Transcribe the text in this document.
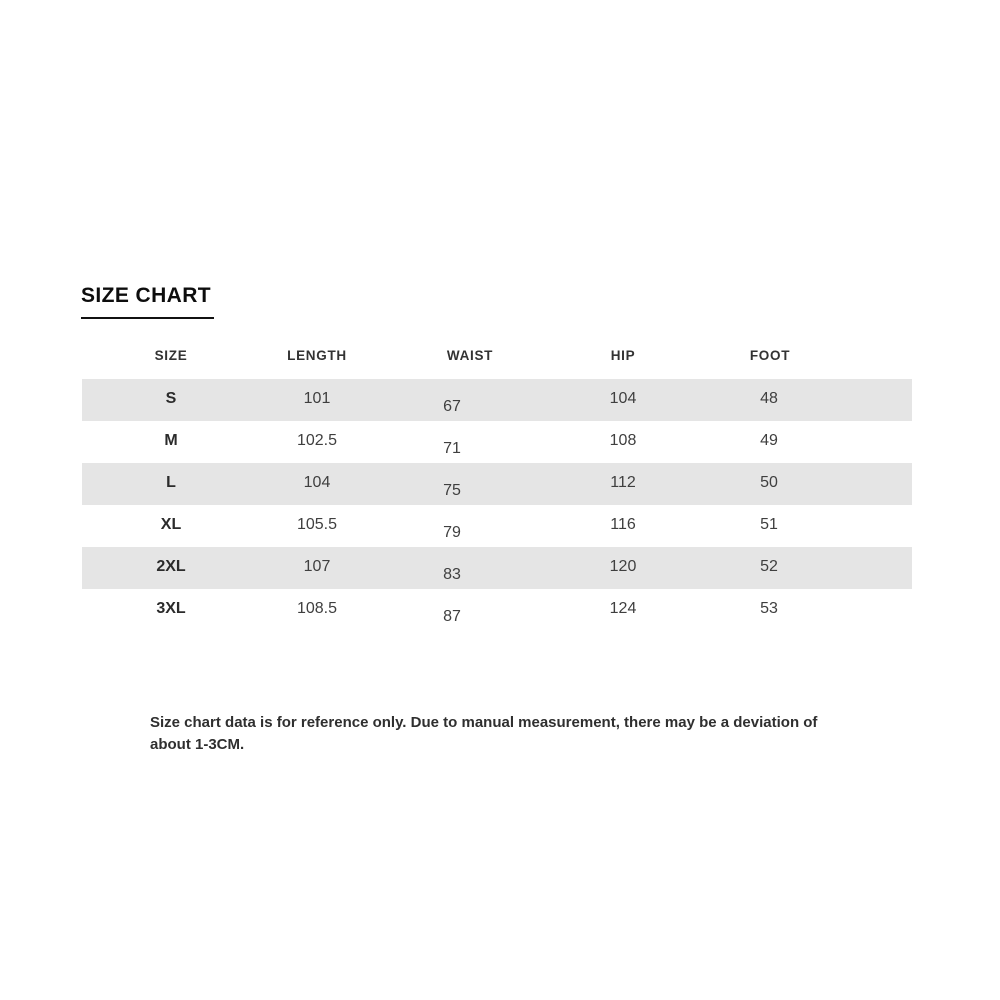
SIZE CHART
SIZE	LENGTH	WAIST	HIP	FOOT
S	101	67	104	48
M	102.5	71	108	49
L	104	75	112	50
XL	105.5	79	116	51
2XL	107	83	120	52
3XL	108.5	87	124	53
Size chart data is for reference only. Due to manual measurement, there may be a deviation of about 1-3CM.
